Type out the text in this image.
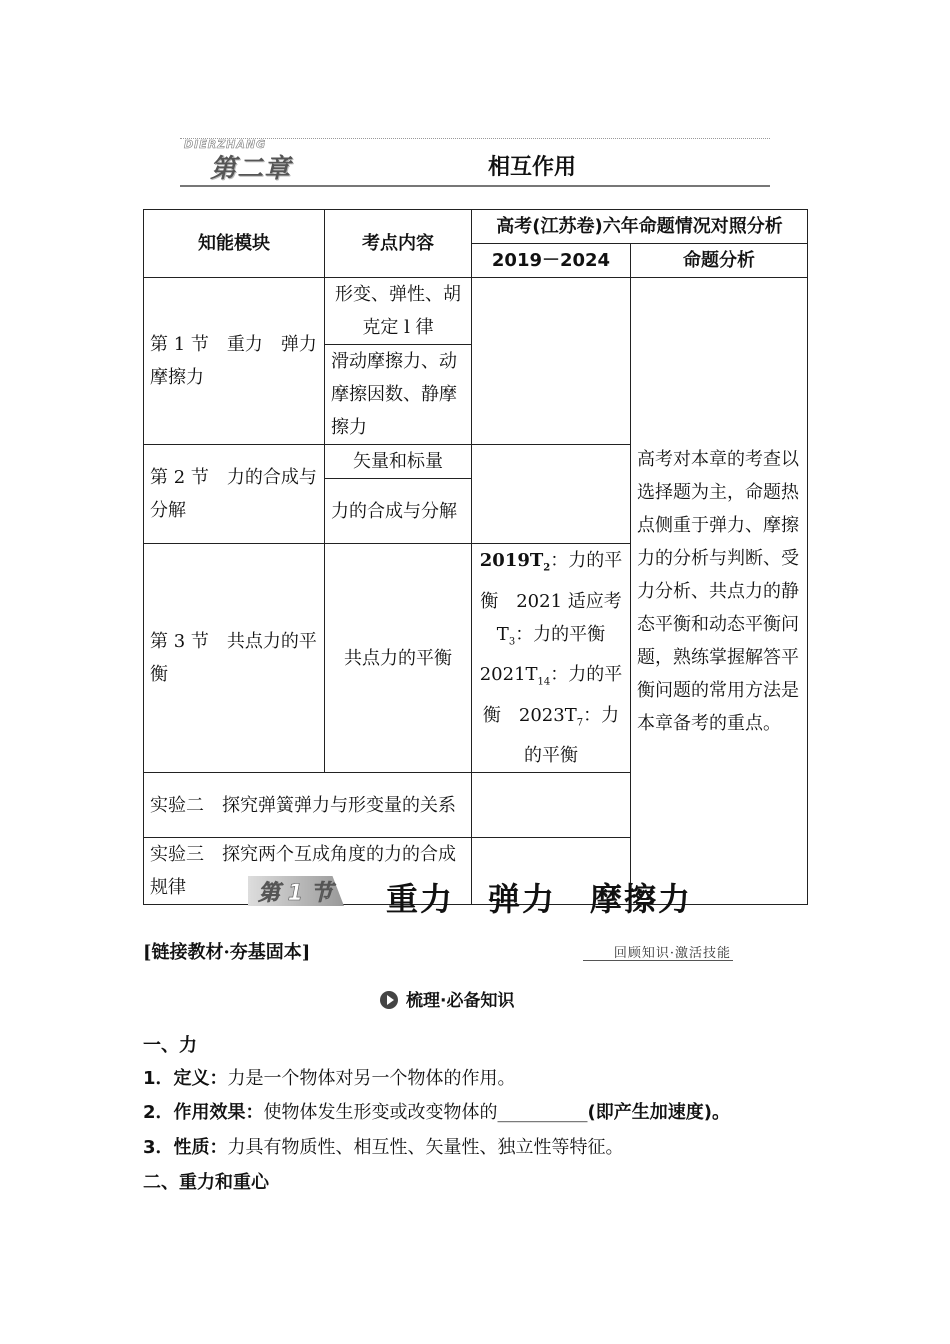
DIERZHANG
第二章	相互作用
知能模块	考点内容	高考(江苏卷)六年命题情况对照分析	
		2019－2024	命题分析
第 1 节　重力　弹力　摩擦力	形变、弹性、胡克定 l 律		高考对本章的考查以选择题为主，命题热点侧重于弹力、摩擦力的分析与判断、受力分析、共点力的静态平衡和动态平衡问题，熟练掌握解答平衡问题的常用方法是本章备考的重点。
	滑动摩擦力、动摩擦因数、静摩擦力		
第 2 节　力的合成与分解	矢量和标量		
	力的合成与分解		
第 3 节　共点力的平衡	共点力的平衡	$2019T_2$：力的平衡　2021 适应考 $T_3$：力的平衡 $2021T_{14}$：力的平衡　$2023T_7$：力的平衡	
实验二　探究弹簧弹力与形变量的关系			
实验三　探究两个互成角度的力的合成规律				第 1 节 重力　弹力　摩擦力
[链接教材·夯基固本]	回顾知识·激活技能
梳理·必备知识
一、力
1．定义：力是一个物体对另一个物体的作用。
2．作用效果：使物体发生形变或改变物体的__________(即产生加速度)。
3．性质：力具有物质性、相互性、矢量性、独立性等特征。
二、重力和重心
